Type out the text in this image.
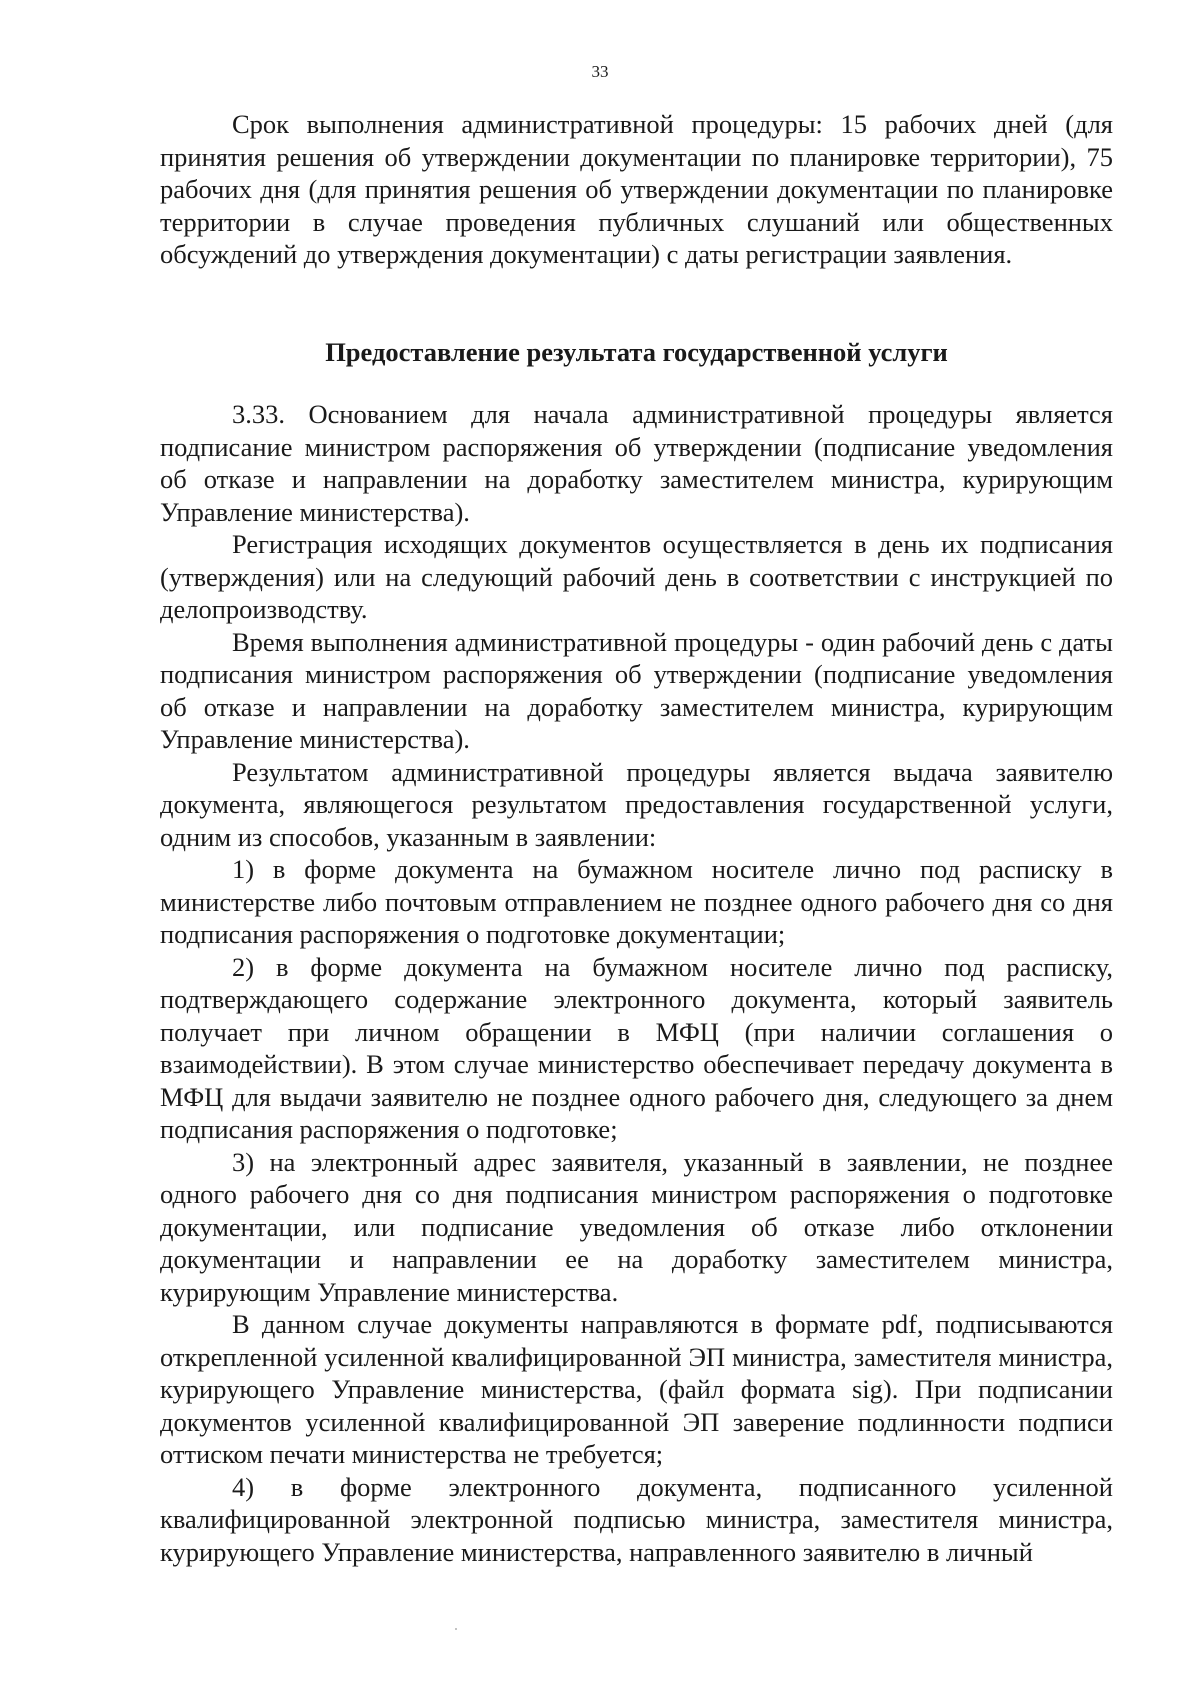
33

Срок выполнения административной процедуры: 15 рабочих дней (для принятия решения об утверждении документации по планировке территории), 75 рабочих дня (для принятия решения об утверждении документации по планировке территории в случае проведения публичных слушаний или общественных обсуждений до утверждения документации) с даты регистрации заявления.

Предоставление результата государственной услуги

3.33. Основанием для начала административной процедуры является подписание министром распоряжения об утверждении (подписание уведомления об отказе и направлении на доработку заместителем министра, курирующим Управление министерства).

Регистрация исходящих документов осуществляется в день их подписания (утверждения) или на следующий рабочий день в соответствии с инструкцией по делопроизводству.

Время выполнения административной процедуры - один рабочий день с даты подписания министром распоряжения об утверждении (подписание уведомления об отказе и направлении на доработку заместителем министра, курирующим Управление министерства).

Результатом административной процедуры является выдача заявителю документа, являющегося результатом предоставления государственной услуги, одним из способов, указанным в заявлении:

1) в форме документа на бумажном носителе лично под расписку в министерстве либо почтовым отправлением не позднее одного рабочего дня со дня подписания распоряжения о подготовке документации;

2) в форме документа на бумажном носителе лично под расписку, подтверждающего содержание электронного документа, который заявитель получает при личном обращении в МФЦ (при наличии соглашения о взаимодействии). В этом случае министерство обеспечивает передачу документа в МФЦ для выдачи заявителю не позднее одного рабочего дня, следующего за днем подписания распоряжения о подготовке;

3) на электронный адрес заявителя, указанный в заявлении, не позднее одного рабочего дня со дня подписания министром распоряжения о подготовке документации, или подписание уведомления об отказе либо отклонении документации и направлении ее на доработку заместителем министра, курирующим Управление министерства.

В данном случае документы направляются в формате pdf, подписываются открепленной усиленной квалифицированной ЭП министра, заместителя министра, курирующего Управление министерства, (файл формата sig). При подписании документов усиленной квалифицированной ЭП заверение подлинности подписи оттиском печати министерства не требуется;

4) в форме электронного документа, подписанного усиленной квалифицированной электронной подписью министра, заместителя министра, курирующего Управление министерства, направленного заявителю в личный
